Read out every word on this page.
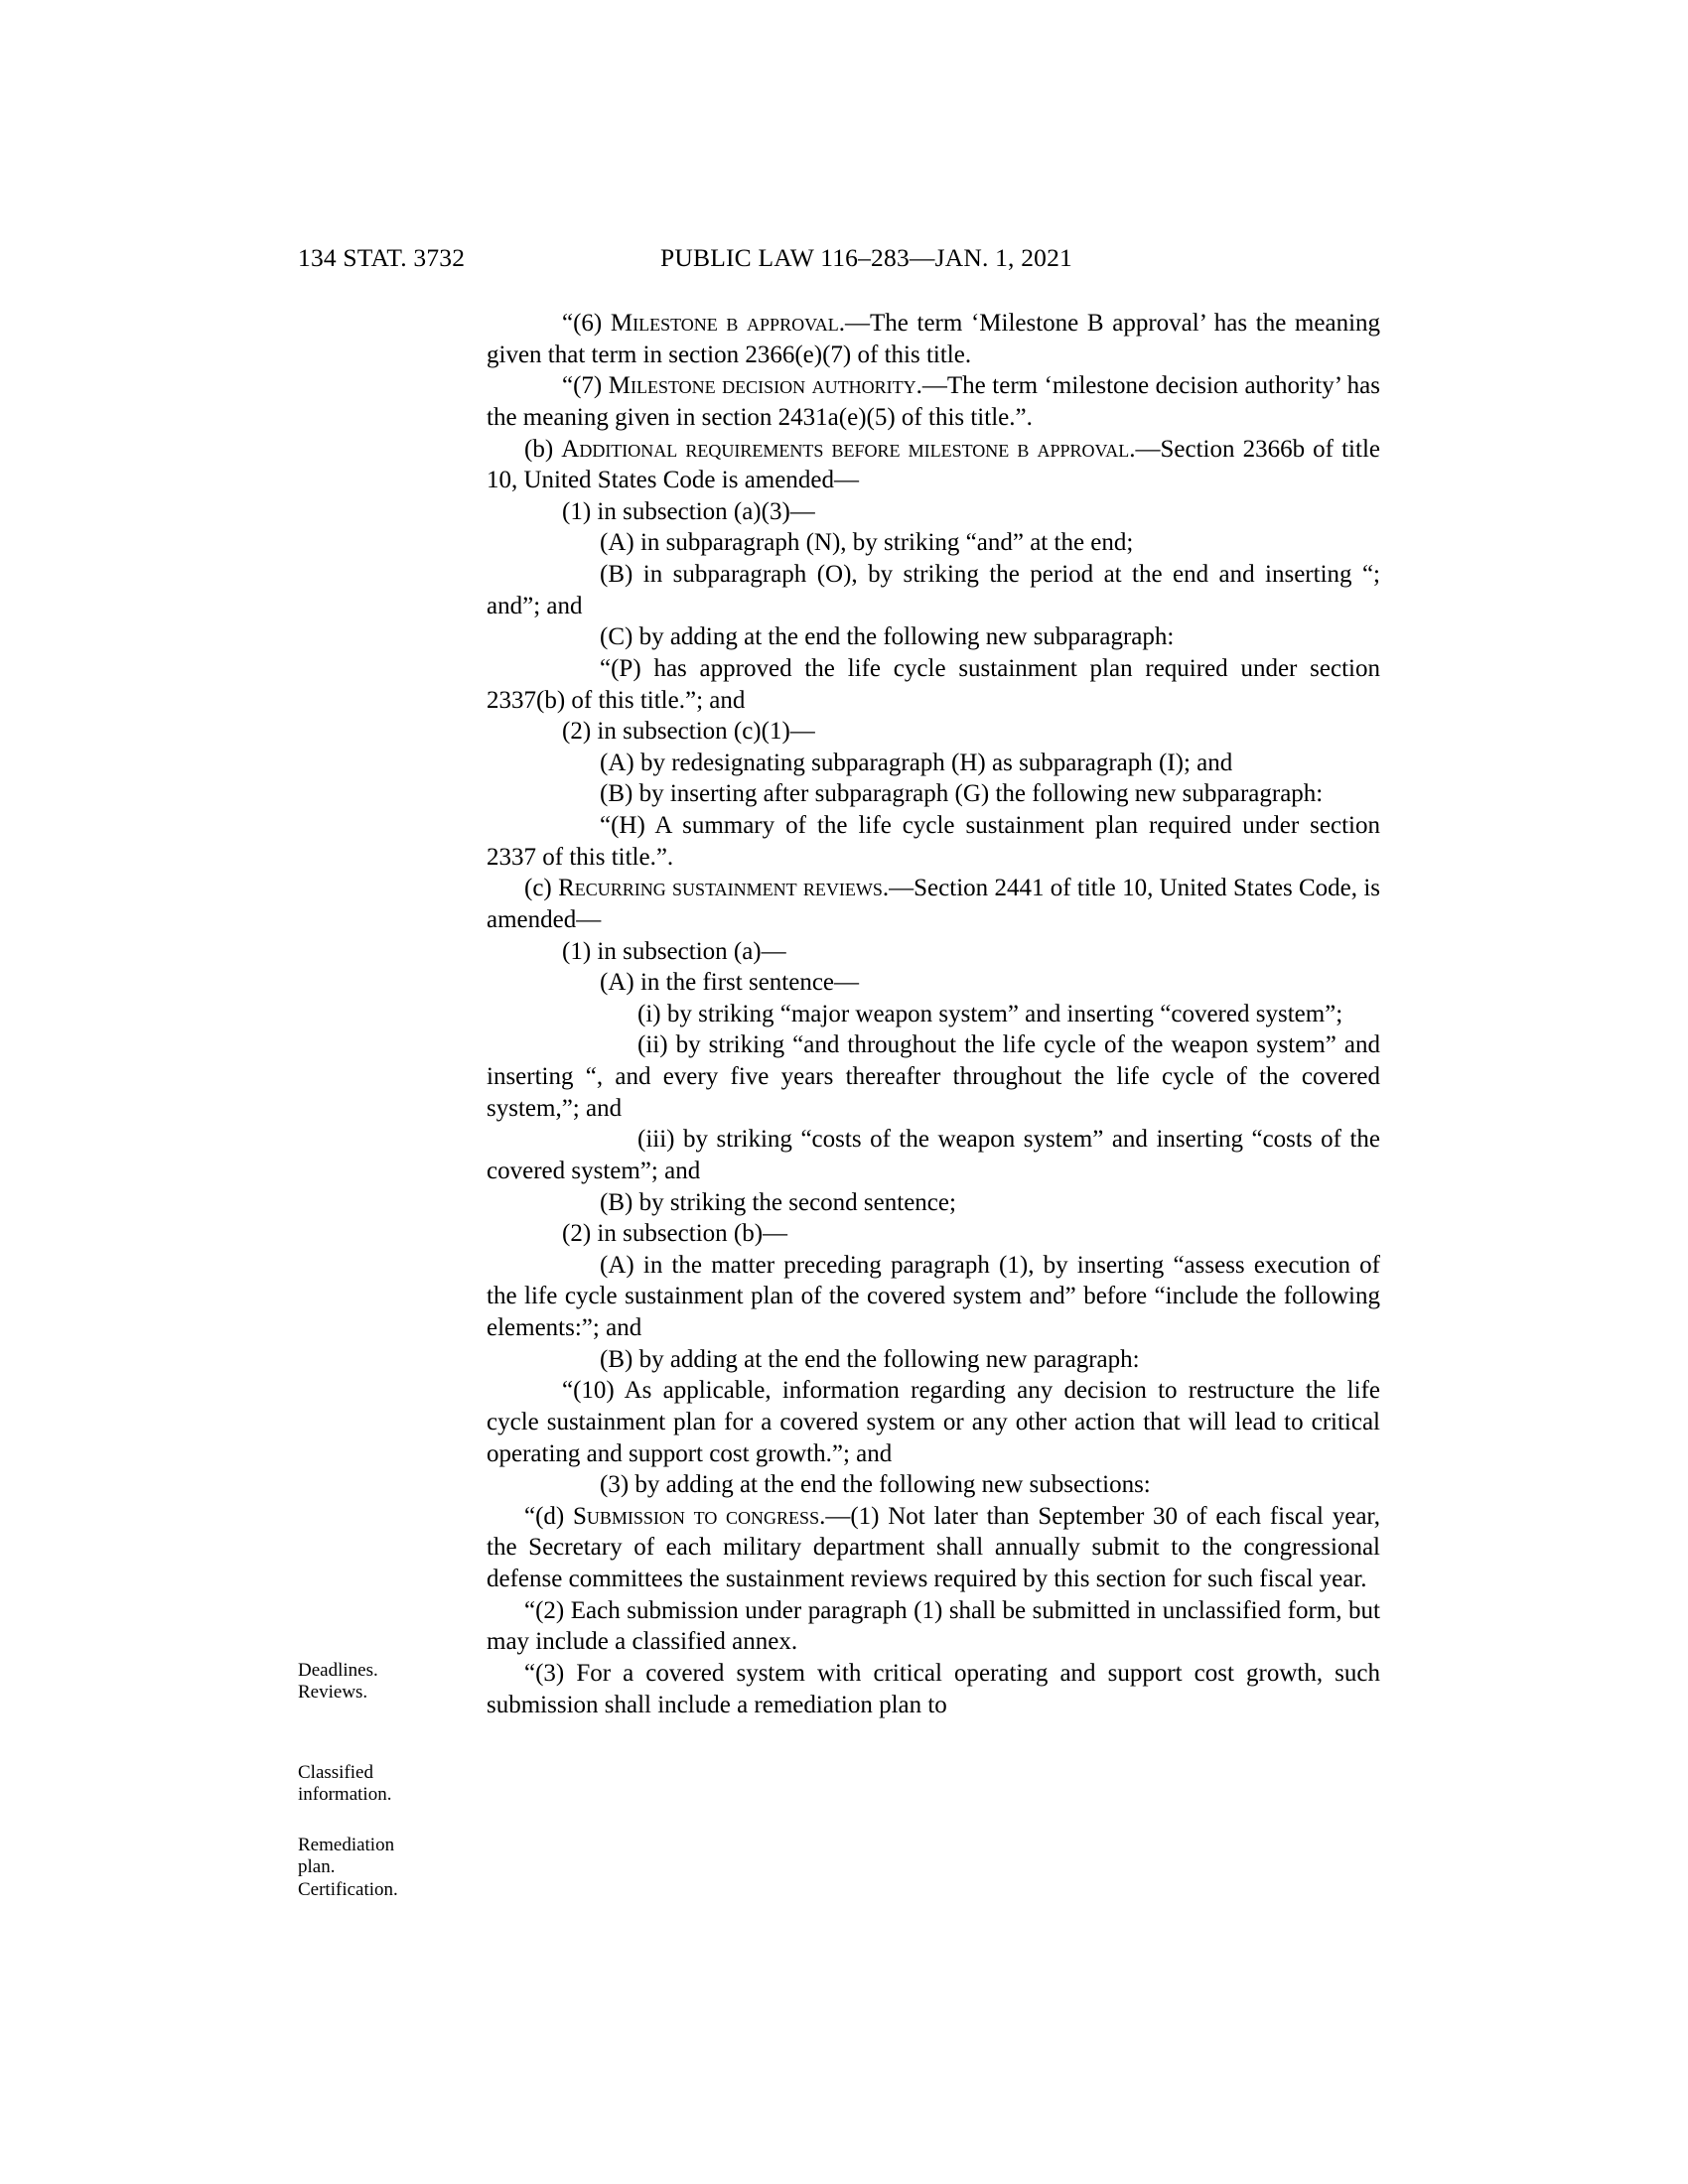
134 STAT. 3732	PUBLIC LAW 116–283—JAN. 1, 2021
Deadlines.
Reviews.
Classified
information.
Remediation
plan.
Certification.

“(6) Milestone b approval.—The term ‘Milestone B approval’ has the meaning given that term in section 2366(e)(7) of this title.

“(7) Milestone decision authority.—The term ‘milestone decision authority’ has the meaning given in section 2431a(e)(5) of this title.”.

(b) Additional requirements before milestone b approval.—Section 2366b of title 10, United States Code is amended—

(1) in subsection (a)(3)—

(A) in subparagraph (N), by striking “and” at the end;

(B) in subparagraph (O), by striking the period at the end and inserting “; and”; and

(C) by adding at the end the following new subparagraph:

“(P) has approved the life cycle sustainment plan required under section 2337(b) of this title.”; and

(2) in subsection (c)(1)—

(A) by redesignating subparagraph (H) as subparagraph (I); and

(B) by inserting after subparagraph (G) the following new subparagraph:

“(H) A summary of the life cycle sustainment plan required under section 2337 of this title.”.

(c) Recurring sustainment reviews.—Section 2441 of title 10, United States Code, is amended—

(1) in subsection (a)—

(A) in the first sentence—

(i) by striking “major weapon system” and inserting “covered system”;

(ii) by striking “and throughout the life cycle of the weapon system” and inserting “, and every five years thereafter throughout the life cycle of the covered system,”; and

(iii) by striking “costs of the weapon system” and inserting “costs of the covered system”; and

(B) by striking the second sentence;

(2) in subsection (b)—

(A) in the matter preceding paragraph (1), by inserting “assess execution of the life cycle sustainment plan of the covered system and” before “include the following elements:”; and

(B) by adding at the end the following new paragraph:

“(10) As applicable, information regarding any decision to restructure the life cycle sustainment plan for a covered system or any other action that will lead to critical operating and support cost growth.”; and

(3) by adding at the end the following new subsections:

“(d) Submission to congress.—(1) Not later than September 30 of each fiscal year, the Secretary of each military department shall annually submit to the congressional defense committees the sustainment reviews required by this section for such fiscal year.

“(2) Each submission under paragraph (1) shall be submitted in unclassified form, but may include a classified annex.

“(3) For a covered system with critical operating and support cost growth, such submission shall include a remediation plan to
